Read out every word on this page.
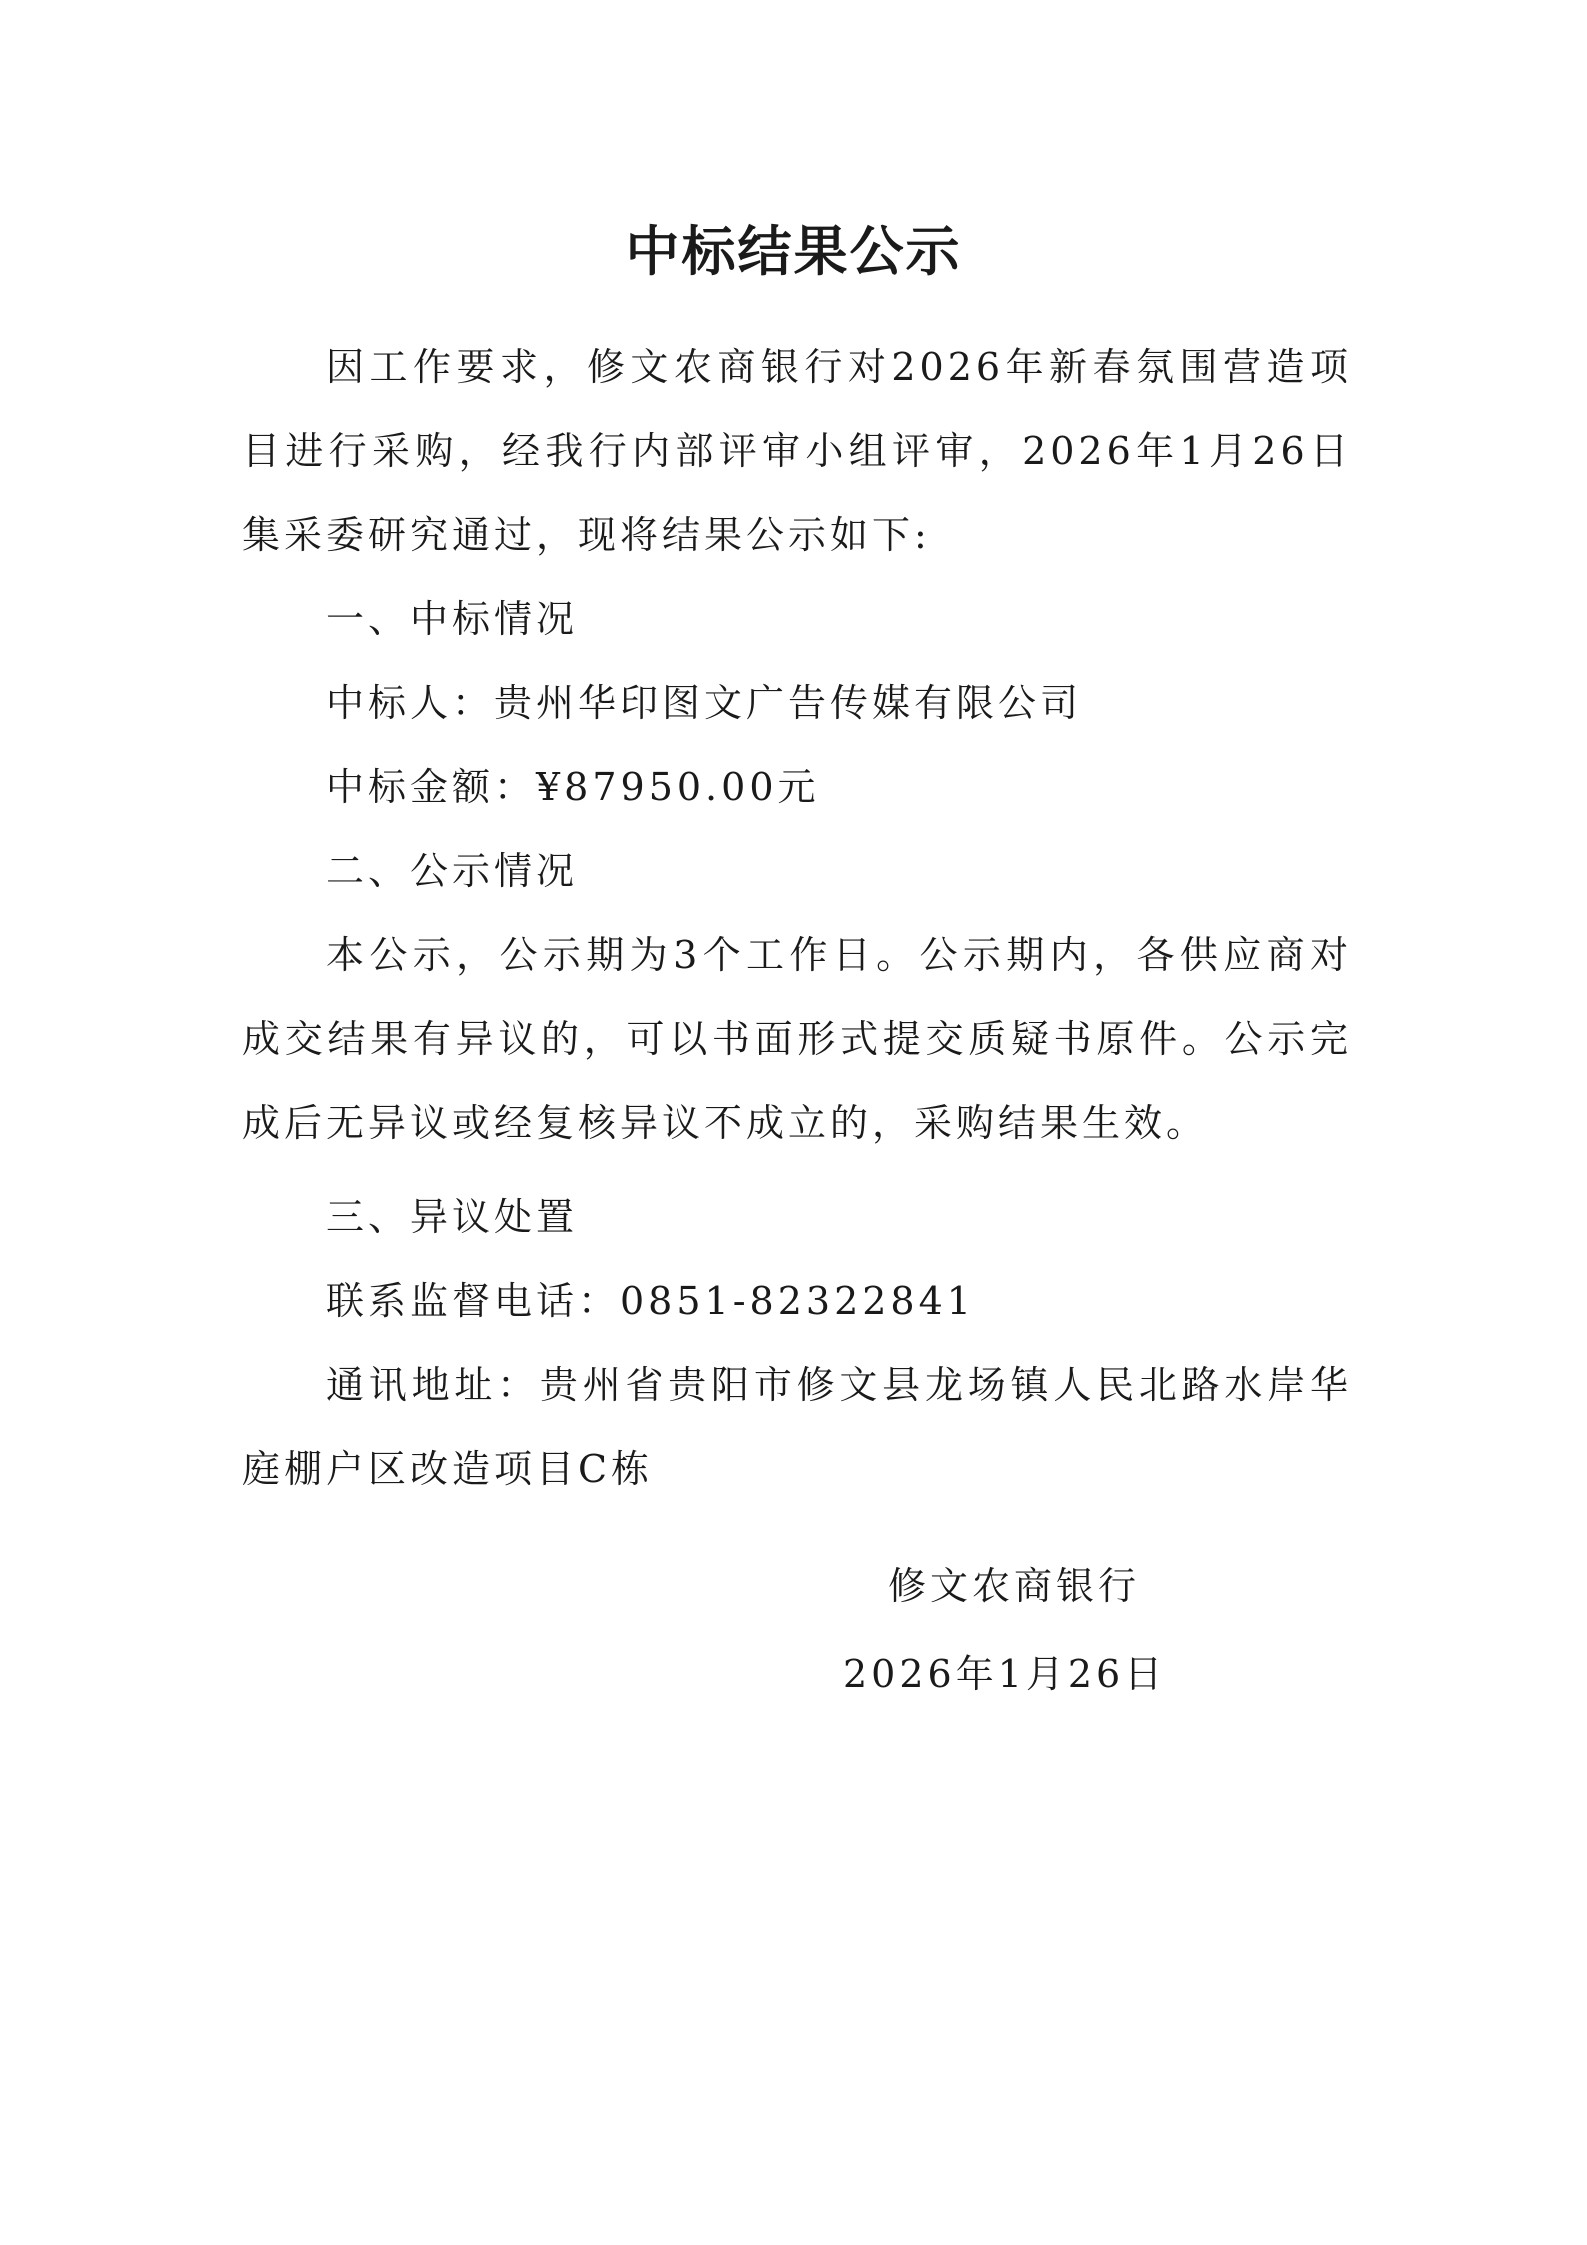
中标结果公示

因工作要求，修文农商银行对2026年新春氛围营造项目进行采购，经我行内部评审小组评审，2026年1月26日集采委研究通过，现将结果公示如下:

一、中标情况

中标人：贵州华印图文广告传媒有限公司

中标金额：¥87950.00元

二、公示情况

本公示，公示期为3个工作日。公示期内，各供应商对成交结果有异议的，可以书面形式提交质疑书原件。公示完成后无异议或经复核异议不成立的，采购结果生效。

三、异议处置

联系监督电话：0851-82322841

通讯地址：贵州省贵阳市修文县龙场镇人民北路水岸华庭棚户区改造项目C栋

修文农商银行
2026年1月26日
